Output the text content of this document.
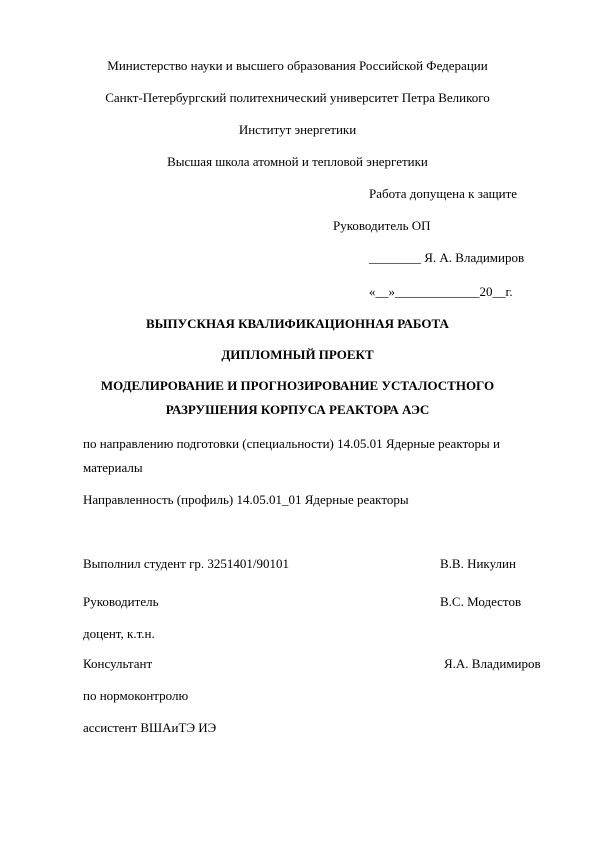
Министерство науки и высшего образования Российской Федерации
Санкт-Петербургский политехнический университет Петра Великого
Институт энергетики
Высшая школа атомной и тепловой энергетики
Работа допущена к защите
Руководитель ОП
________ Я. А. Владимиров
«__»_____________20__г.
ВЫПУСКНАЯ КВАЛИФИКАЦИОННАЯ РАБОТА
ДИПЛОМНЫЙ ПРОЕКТ
МОДЕЛИРОВАНИЕ И ПРОГНОЗИРОВАНИЕ УСТАЛОСТНОГО
РАЗРУШЕНИЯ КОРПУСА РЕАКТОРА АЭС
по направлению подготовки (специальности) 14.05.01 Ядерные реакторы и
материалы
Направленность (профиль) 14.05.01_01 Ядерные реакторы
Выполнил студент гр. 3251401/90101	В.В. Никулин
Руководитель	В.С. Модестов
доцент, к.т.н.
Консультант	Я.А. Владимиров
по нормоконтролю
ассистент ВШАиТЭ ИЭ
